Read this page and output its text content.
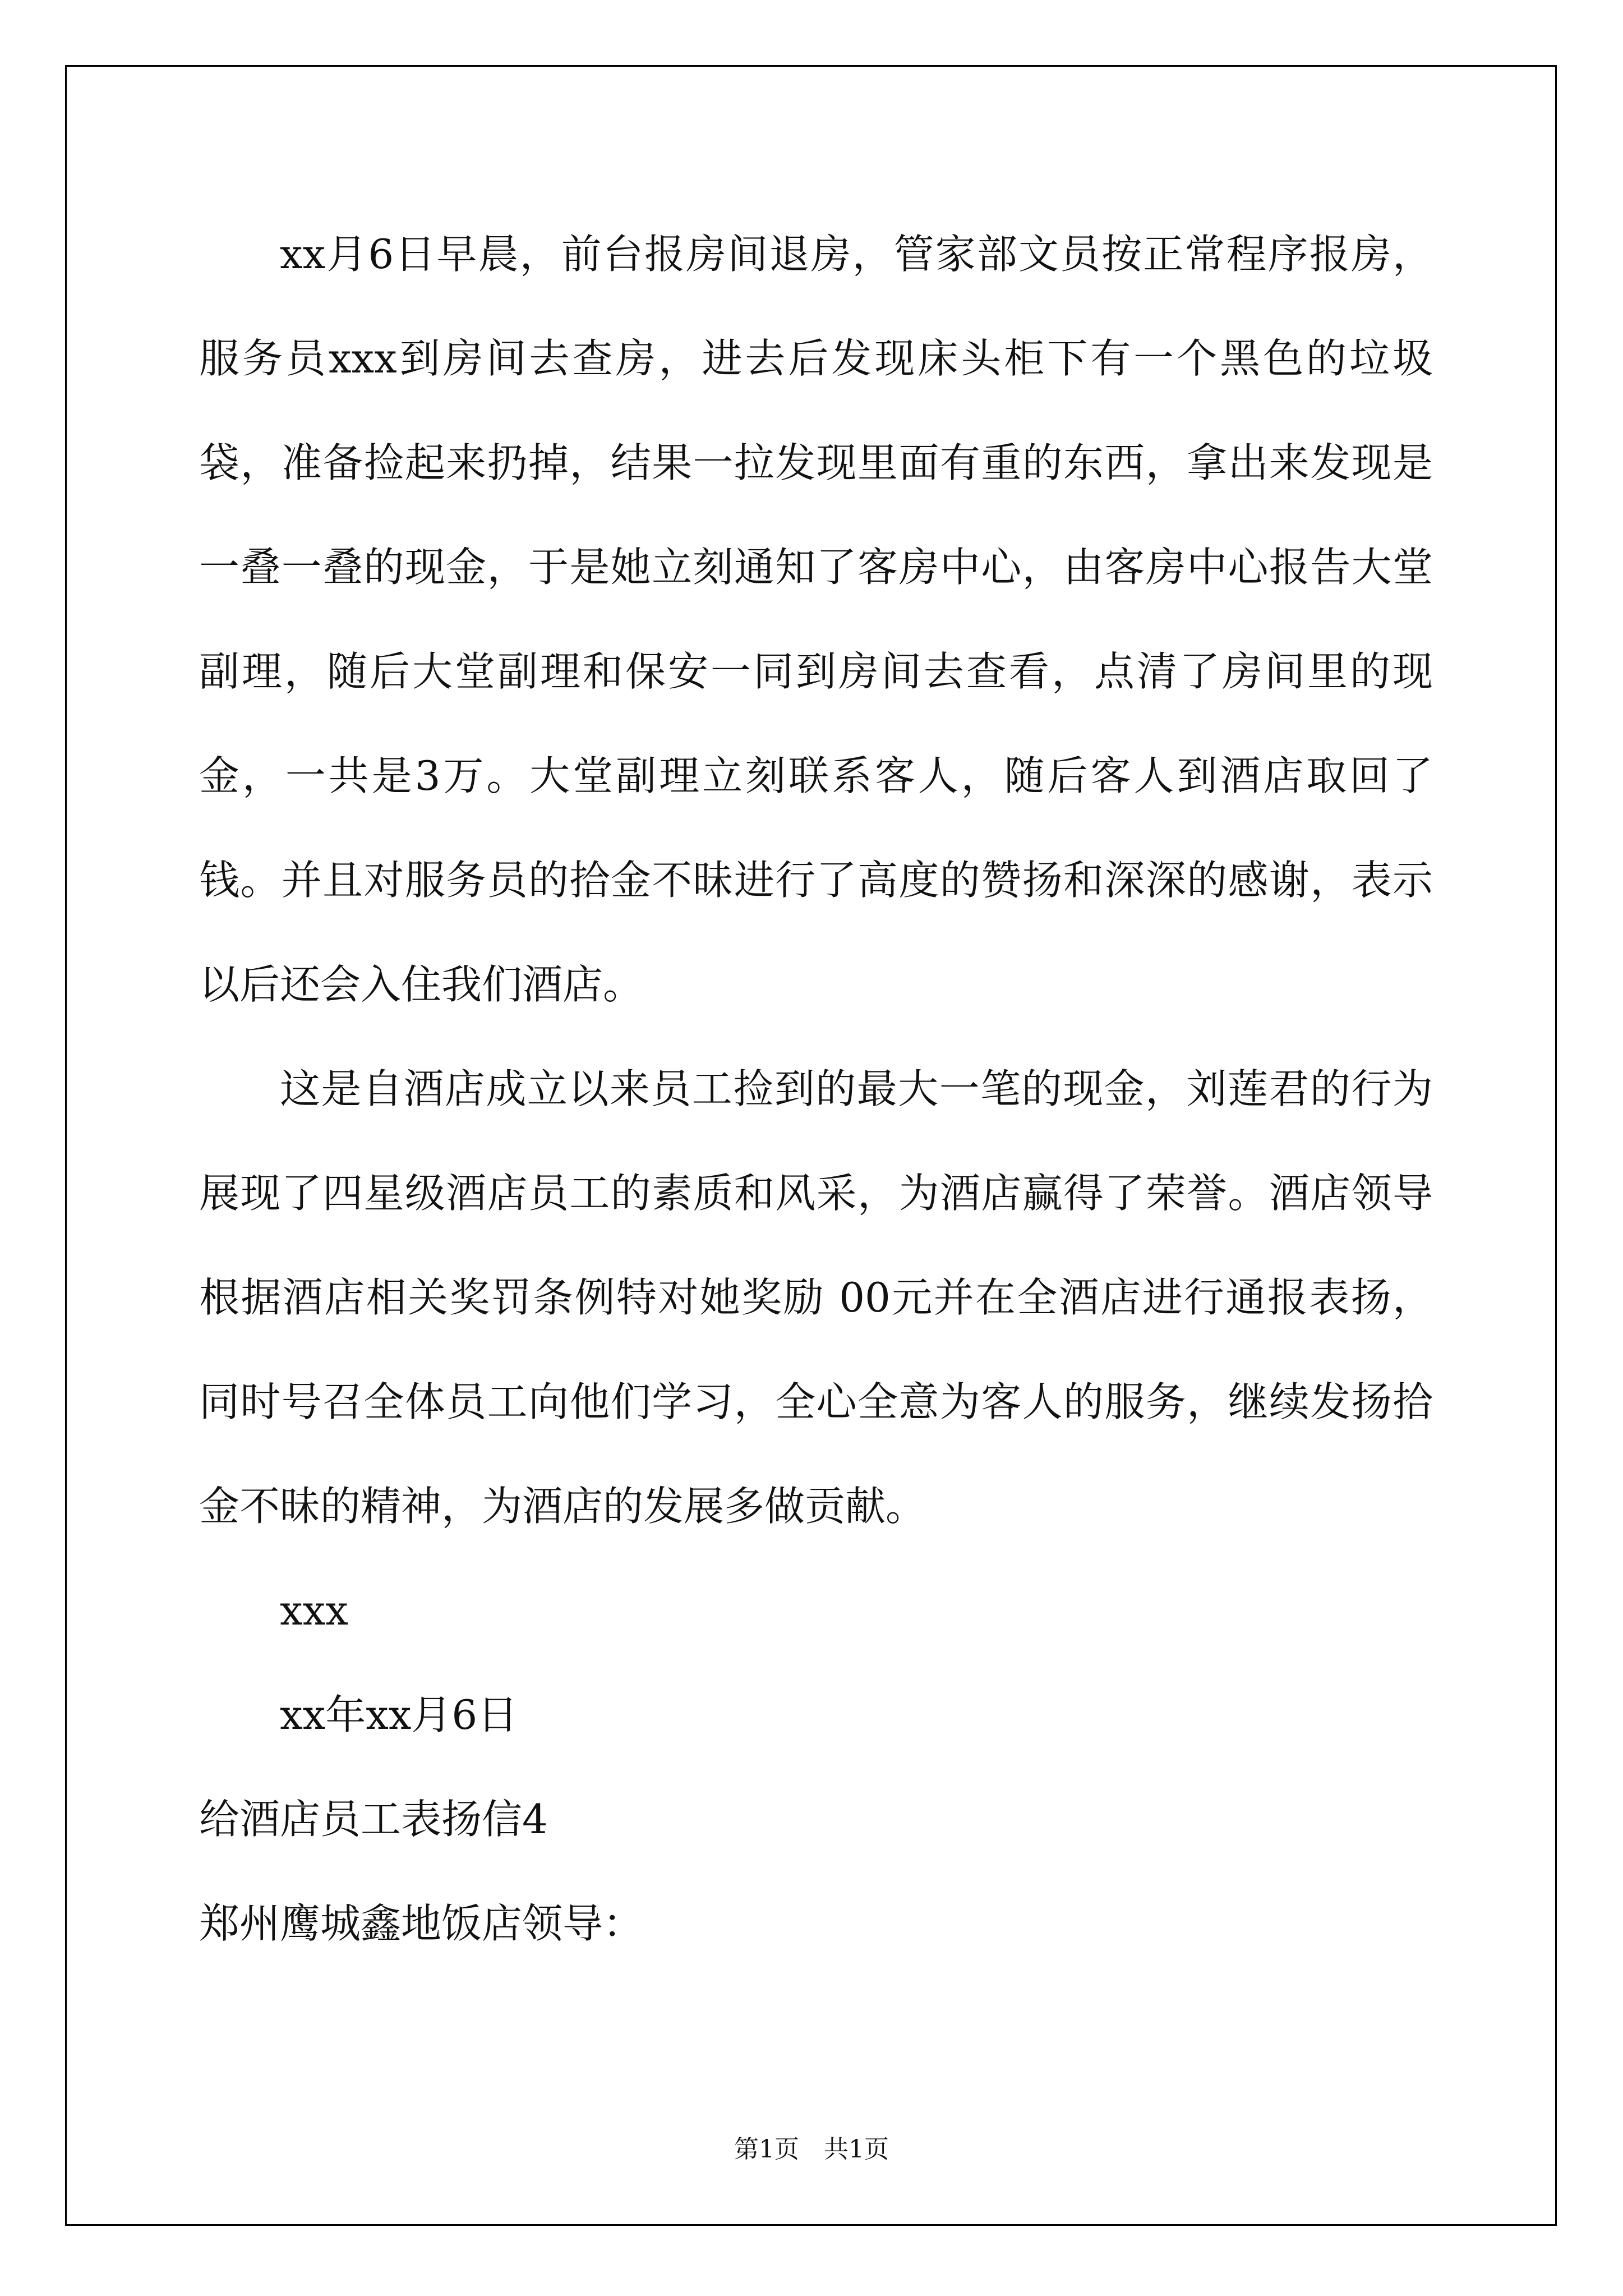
xx月6日早晨，前台报房间退房，管家部文员按正常程序报房，服务员xxx到房间去查房，进去后发现床头柜下有一个黑色的垃圾袋，准备捡起来扔掉，结果一拉发现里面有重的东西，拿出来发现是一叠一叠的现金，于是她立刻通知了客房中心，由客房中心报告大堂副理，随后大堂副理和保安一同到房间去查看，点清了房间里的现金，一共是3万。大堂副理立刻联系客人，随后客人到酒店取回了钱。并且对服务员的拾金不昧进行了高度的赞扬和深深的感谢，表示以后还会入住我们酒店。

这是自酒店成立以来员工捡到的最大一笔的现金，刘莲君的行为展现了四星级酒店员工的素质和风采，为酒店赢得了荣誉。酒店领导根据酒店相关奖罚条例特对她奖励 00元并在全酒店进行通报表扬，同时号召全体员工向他们学习，全心全意为客人的服务，继续发扬拾金不昧的精神，为酒店的发展多做贡献。

xxx

xx年xx月6日

给酒店员工表扬信4

郑州鹰城鑫地饭店领导：

第1页　共1页
